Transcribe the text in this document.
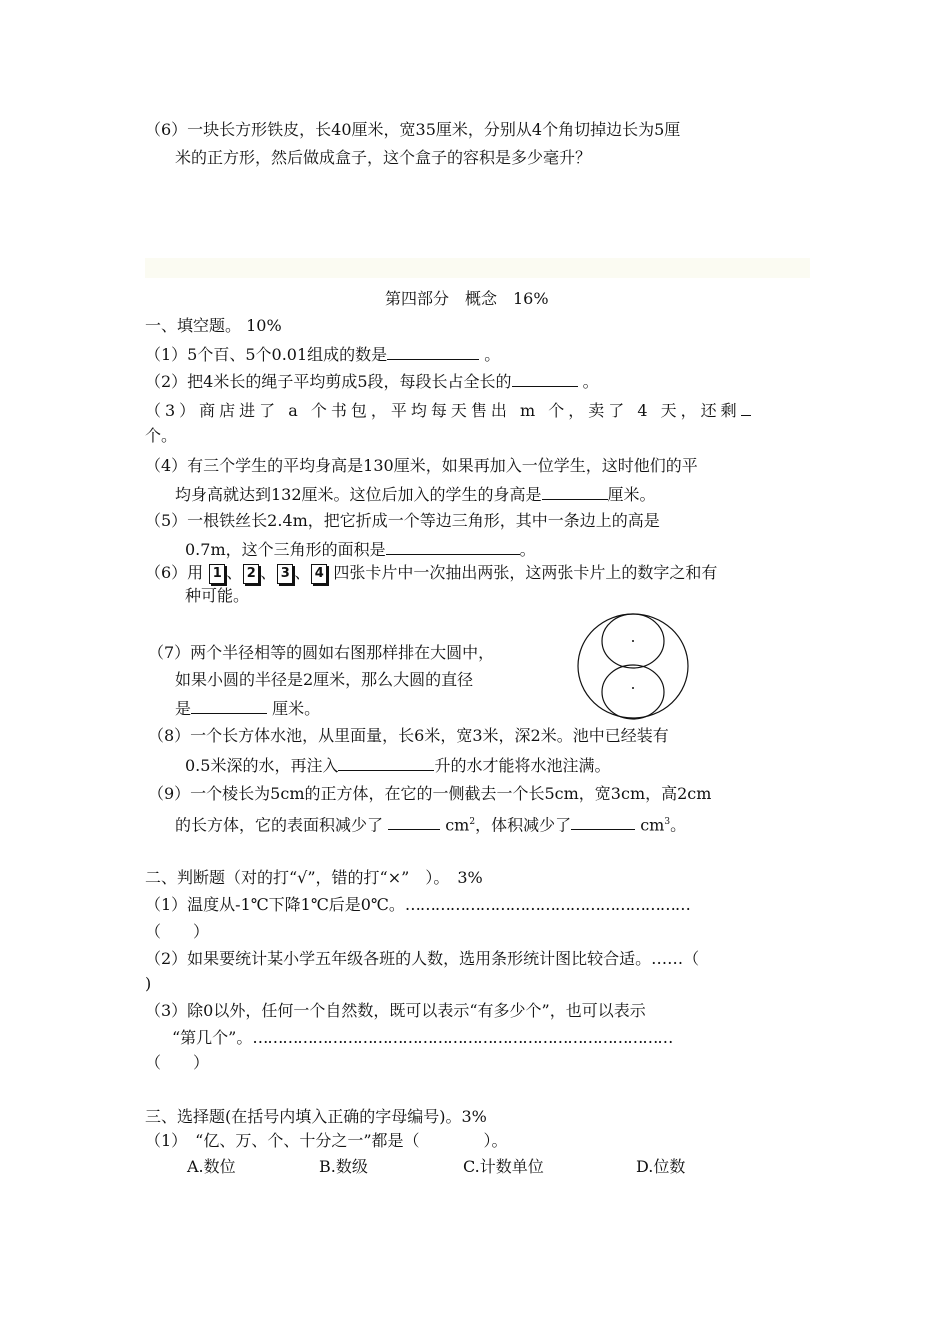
（6）一块长方形铁皮，长40厘米，宽35厘米，分别从4个角切掉边长为5厘
米的正方形，然后做成盒子，这个盒子的容积是多少毫升？
第四部分　概念　16%
一、填空题。 10%
（1）5个百、5个0.01组成的数是	。
（2）把4米长的绳子平均剪成5段，每段长占全长的	。
（3）商店进了 a 个书包，平均每天售出 m 个，卖了 4 天，还剩
个。
（4）有三个学生的平均身高是130厘米，如果再加入一位学生，这时他们的平
均身高就达到132厘米。这位后加入的学生的身高是	厘米。
（5）一根铁丝长2.4m，把它折成一个等边三角形，其中一条边上的高是
0.7m，这个三角形的面积是	。
（6）用 1 、 2 、 3 、 4 四张卡片中一次抽出两张，这两张卡片上的数字之和有
种可能。
（7）两个半径相等的圆如右图那样排在大圆中，
如果小圆的半径是2厘米，那么大圆的直径
是	厘米。
（8）一个长方体水池，从里面量，长6米，宽3米，深2米。池中已经装有
0.5米深的水，再注入	升的水才能将水池注满。
（9）一个棱长为5cm的正方体，在它的一侧截去一个长5cm，宽3cm，高2cm
的长方体，它的表面积减少了	$cm^2$，体积减少了	$cm^3$。
二、判断题（对的打“√”，错的打“×”　）。　3%
（1）温度从-1℃下降1℃后是0℃。…………………………………………………
（　　）
（2）如果要统计某小学五年级各班的人数，选用条形统计图比较合适。……（
)
（3）除0以外，任何一个自然数，既可以表示“有多少个”，也可以表示
“第几个”。…………………………………………………………………………
（　　）
三、选择题(在括号内填入正确的字母编号)。3%
（1）　“亿、万、个、十分之一”都是（　　　　）。
A.数位	B.数级	C.计数单位	D.位数
